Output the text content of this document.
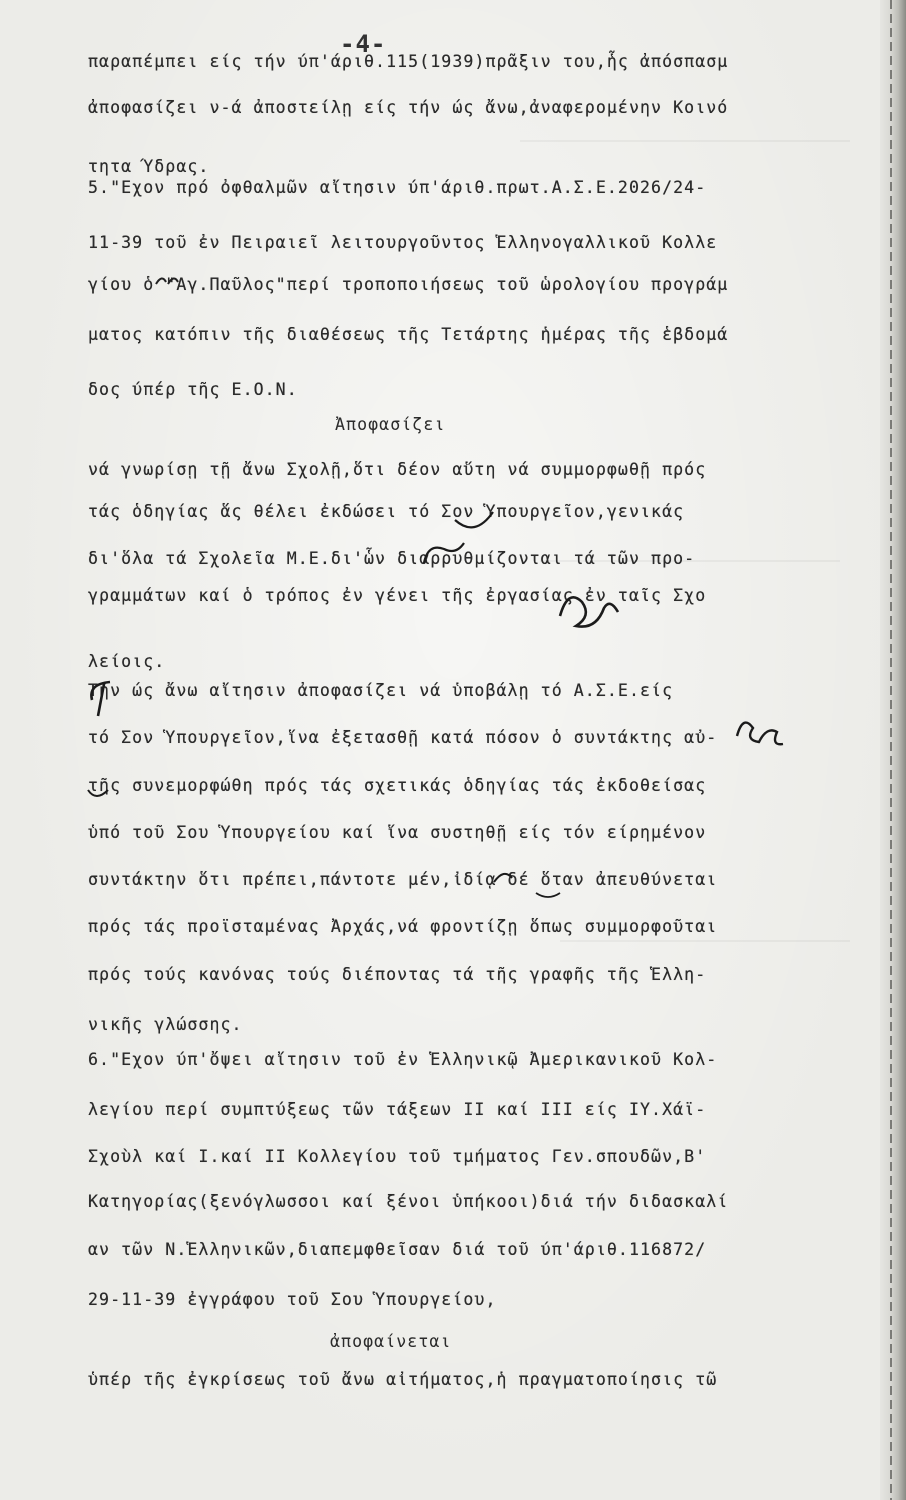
-4-
παραπέμπει είς τήν ύπ'άριθ.115(1939)πρᾶξιν του,ἧς ἀπόσπασμ
ἀποφασίζει ν-ά ἀποστείλῃ είς τήν ώς ἄνω,ἀναφερομένην Κοινό
τητα Ύδρας.
5."Εχον πρό ὀφθαλμῶν αἴτησιν ύπ'άριθ.πρωτ.Α.Σ.Ε.2026/24-
11-39 τοῦ ἐν Πειραιεῖ λειτουργοῦντος Ἑλληνογαλλικοῦ Κολλε
γίου ὁ "Αγ.Παῦλος"περί τροποποιήσεως τοῦ ὡρολογίου προγράμ
ματος κατόπιν τῆς διαθέσεως τῆς Τετάρτης ἡμέρας τῆς ἑβδομά
δος ύπέρ τῆς Ε.Ο.Ν.
Ἀποφασίζει
νά γνωρίσῃ τῇ ἄνω Σχολῇ,ὅτι δέον αὕτη νά συμμορφωθῇ πρός
τάς ὁδηγίας ἅς θέλει ἐκδώσει τό Σον Ὑπουργεῖον,γενικάς
δι'ὅλα τά Σχολεῖα Μ.Ε.δι'ὧν διαρρυθμίζονται τά τῶν προ-
γραμμάτων καί ὁ τρόπος ἐν γένει τῆς ἐργασίας ἐν ταῖς Σχο
λείοις.
Τήν ώς ἄνω αἴτησιν ἀποφασίζει νά ὑποβάλῃ τό Α.Σ.Ε.είς
τό Σον Ὑπουργεῖον,ἵνα ἐξετασθῇ κατά πόσον ὁ συντάκτης αὐ-
τῆς συνεμορφώθη πρός τάς σχετικάς ὁδηγίας τάς ἐκδοθείσας
ὑπό τοῦ Σου Ὑπουργείου καί ἵνα συστηθῇ είς τόν είρημένον
συντάκτην ὅτι πρέπει,πάντοτε μέν,ἰδίᾳ δέ ὅταν ἀπευθύνεται
πρός τάς προϊσταμένας Ἀρχάς,νά φροντίζῃ ὅπως συμμορφοῦται
πρός τούς κανόνας τούς διέποντας τά τῆς γραφῆς τῆς Ἑλλη-
νικῆς γλώσσης.
6."Εχον ύπ'ὄψει αἴτησιν τοῦ ἐν Ἑλληνικῷ Ἀμερικανικοῦ Κολ-
λεγίου περί συμπτύξεως τῶν τάξεων ΙΙ καί ΙΙΙ είς ΙΥ.Χάϊ-
Σχοὺλ καί Ι.καί ΙΙ Κολλεγίου τοῦ τμήματος Γεν.σπουδῶν,Β'
Κατηγορίας(ξενόγλωσσοι καί ξένοι ὑπήκοοι)διά τήν διδασκαλί
αν τῶν Ν.Ἑλληνικῶν,διαπεμφθεῖσαν διά τοῦ ύπ'άριθ.116872/
29-11-39 ἐγγράφου τοῦ Σου Ὑπουργείου,
ἀποφαίνεται
ὑπέρ τῆς ἐγκρίσεως τοῦ ἄνω αἰτήματος,ἡ πραγματοποίησις τῶ
